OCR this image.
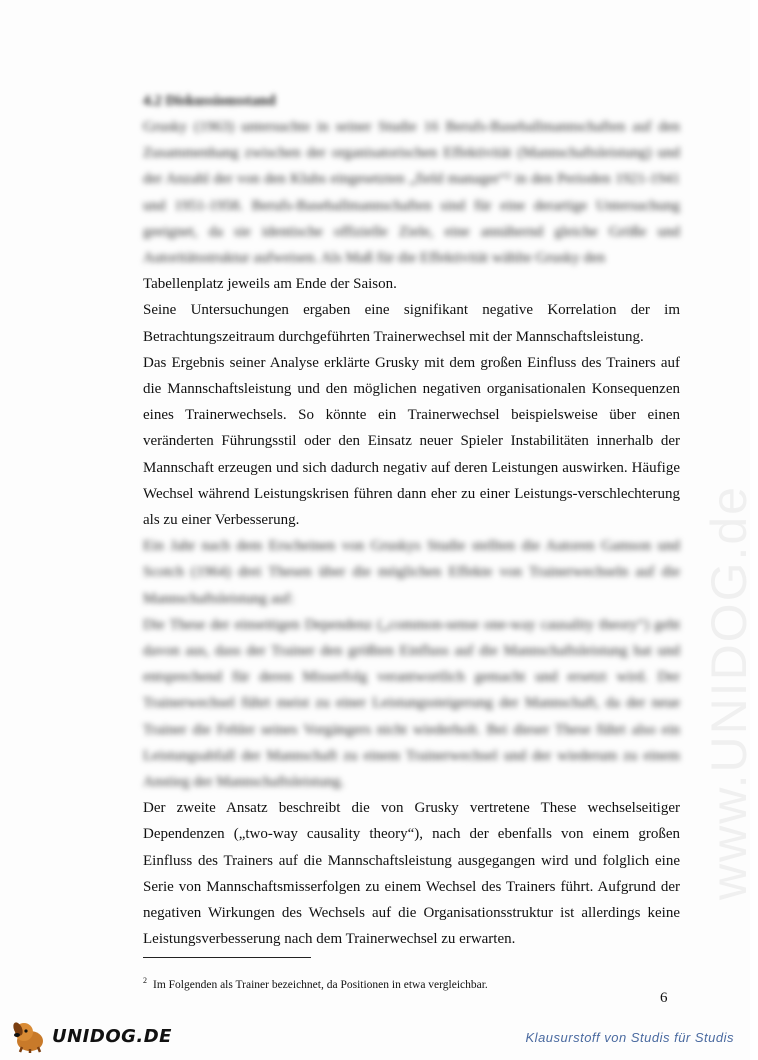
www.UNIDOG.de

4.2 Diskussionsstand

Grusky (1963) untersuchte in seiner Studie 16 Berufs-Baseballmannschaften auf den Zusammenhang zwischen der organisatorischen Effektivität (Mannschaftsleistung) und der Anzahl der von den Klubs eingesetzten „field manager“² in den Perioden 1921-1941 und 1951-1958. Berufs-Baseballmannschaften sind für eine derartige Untersuchung geeignet, da sie identische offizielle Ziele, eine annähernd gleiche Größe und Autoritätsstruktur aufweisen. Als Maß für die Effektivität wählte Grusky den

Tabellenplatz jeweils am Ende der Saison.

Seine Untersuchungen ergaben eine signifikant negative Korrelation der im Betrachtungszeitraum durchgeführten Trainerwechsel mit der Mannschaftsleistung.

Das Ergebnis seiner Analyse erklärte Grusky mit dem großen Einfluss des Trainers auf die Mannschaftsleistung und den möglichen negativen organisationalen Konsequenzen eines Trainerwechsels. So könnte ein Trainerwechsel beispielsweise über einen veränderten Führungsstil oder den Einsatz neuer Spieler Instabilitäten innerhalb der Mannschaft erzeugen und sich dadurch negativ auf deren Leistungen auswirken. Häufige Wechsel während Leistungskrisen führen dann eher zu einer Leistungs-verschlechterung als zu einer Verbesserung.

Ein Jahr nach dem Erscheinen von Gruskys Studie stellten die Autoren Gamson und Scotch (1964) drei Thesen über die möglichen Effekte von Trainerwechseln auf die Mannschaftsleistung auf:

Die These der einseitigen Dependenz („common-sense one-way causality theory“) geht davon aus, dass der Trainer den größten Einfluss auf die Mannschaftsleistung hat und entsprechend für deren Misserfolg verantwortlich gemacht und ersetzt wird. Der Trainerwechsel führt meist zu einer Leistungssteigerung der Mannschaft, da der neue Trainer die Fehler seines Vorgängers nicht wiederholt. Bei dieser These führt also ein Leistungsabfall der Mannschaft zu einem Trainerwechsel und der wiederum zu einem Anstieg der Mannschaftsleistung.

Der zweite Ansatz beschreibt die von Grusky vertretene These wechselseitiger Dependenzen („two-way causality theory“), nach der ebenfalls von einem großen Einfluss des Trainers auf die Mannschaftsleistung ausgegangen wird und folglich eine Serie von Mannschaftsmisserfolgen zu einem Wechsel des Trainers führt. Aufgrund der negativen Wirkungen des Wechsels auf die Organisationsstruktur ist allerdings keine Leistungsverbesserung nach dem Trainerwechsel zu erwarten.

$^2$ Im Folgenden als Trainer bezeichnet, da Positionen in etwa vergleichbar.
6
UNIDOG.DE	Klausurstoff von Studis für Studis
